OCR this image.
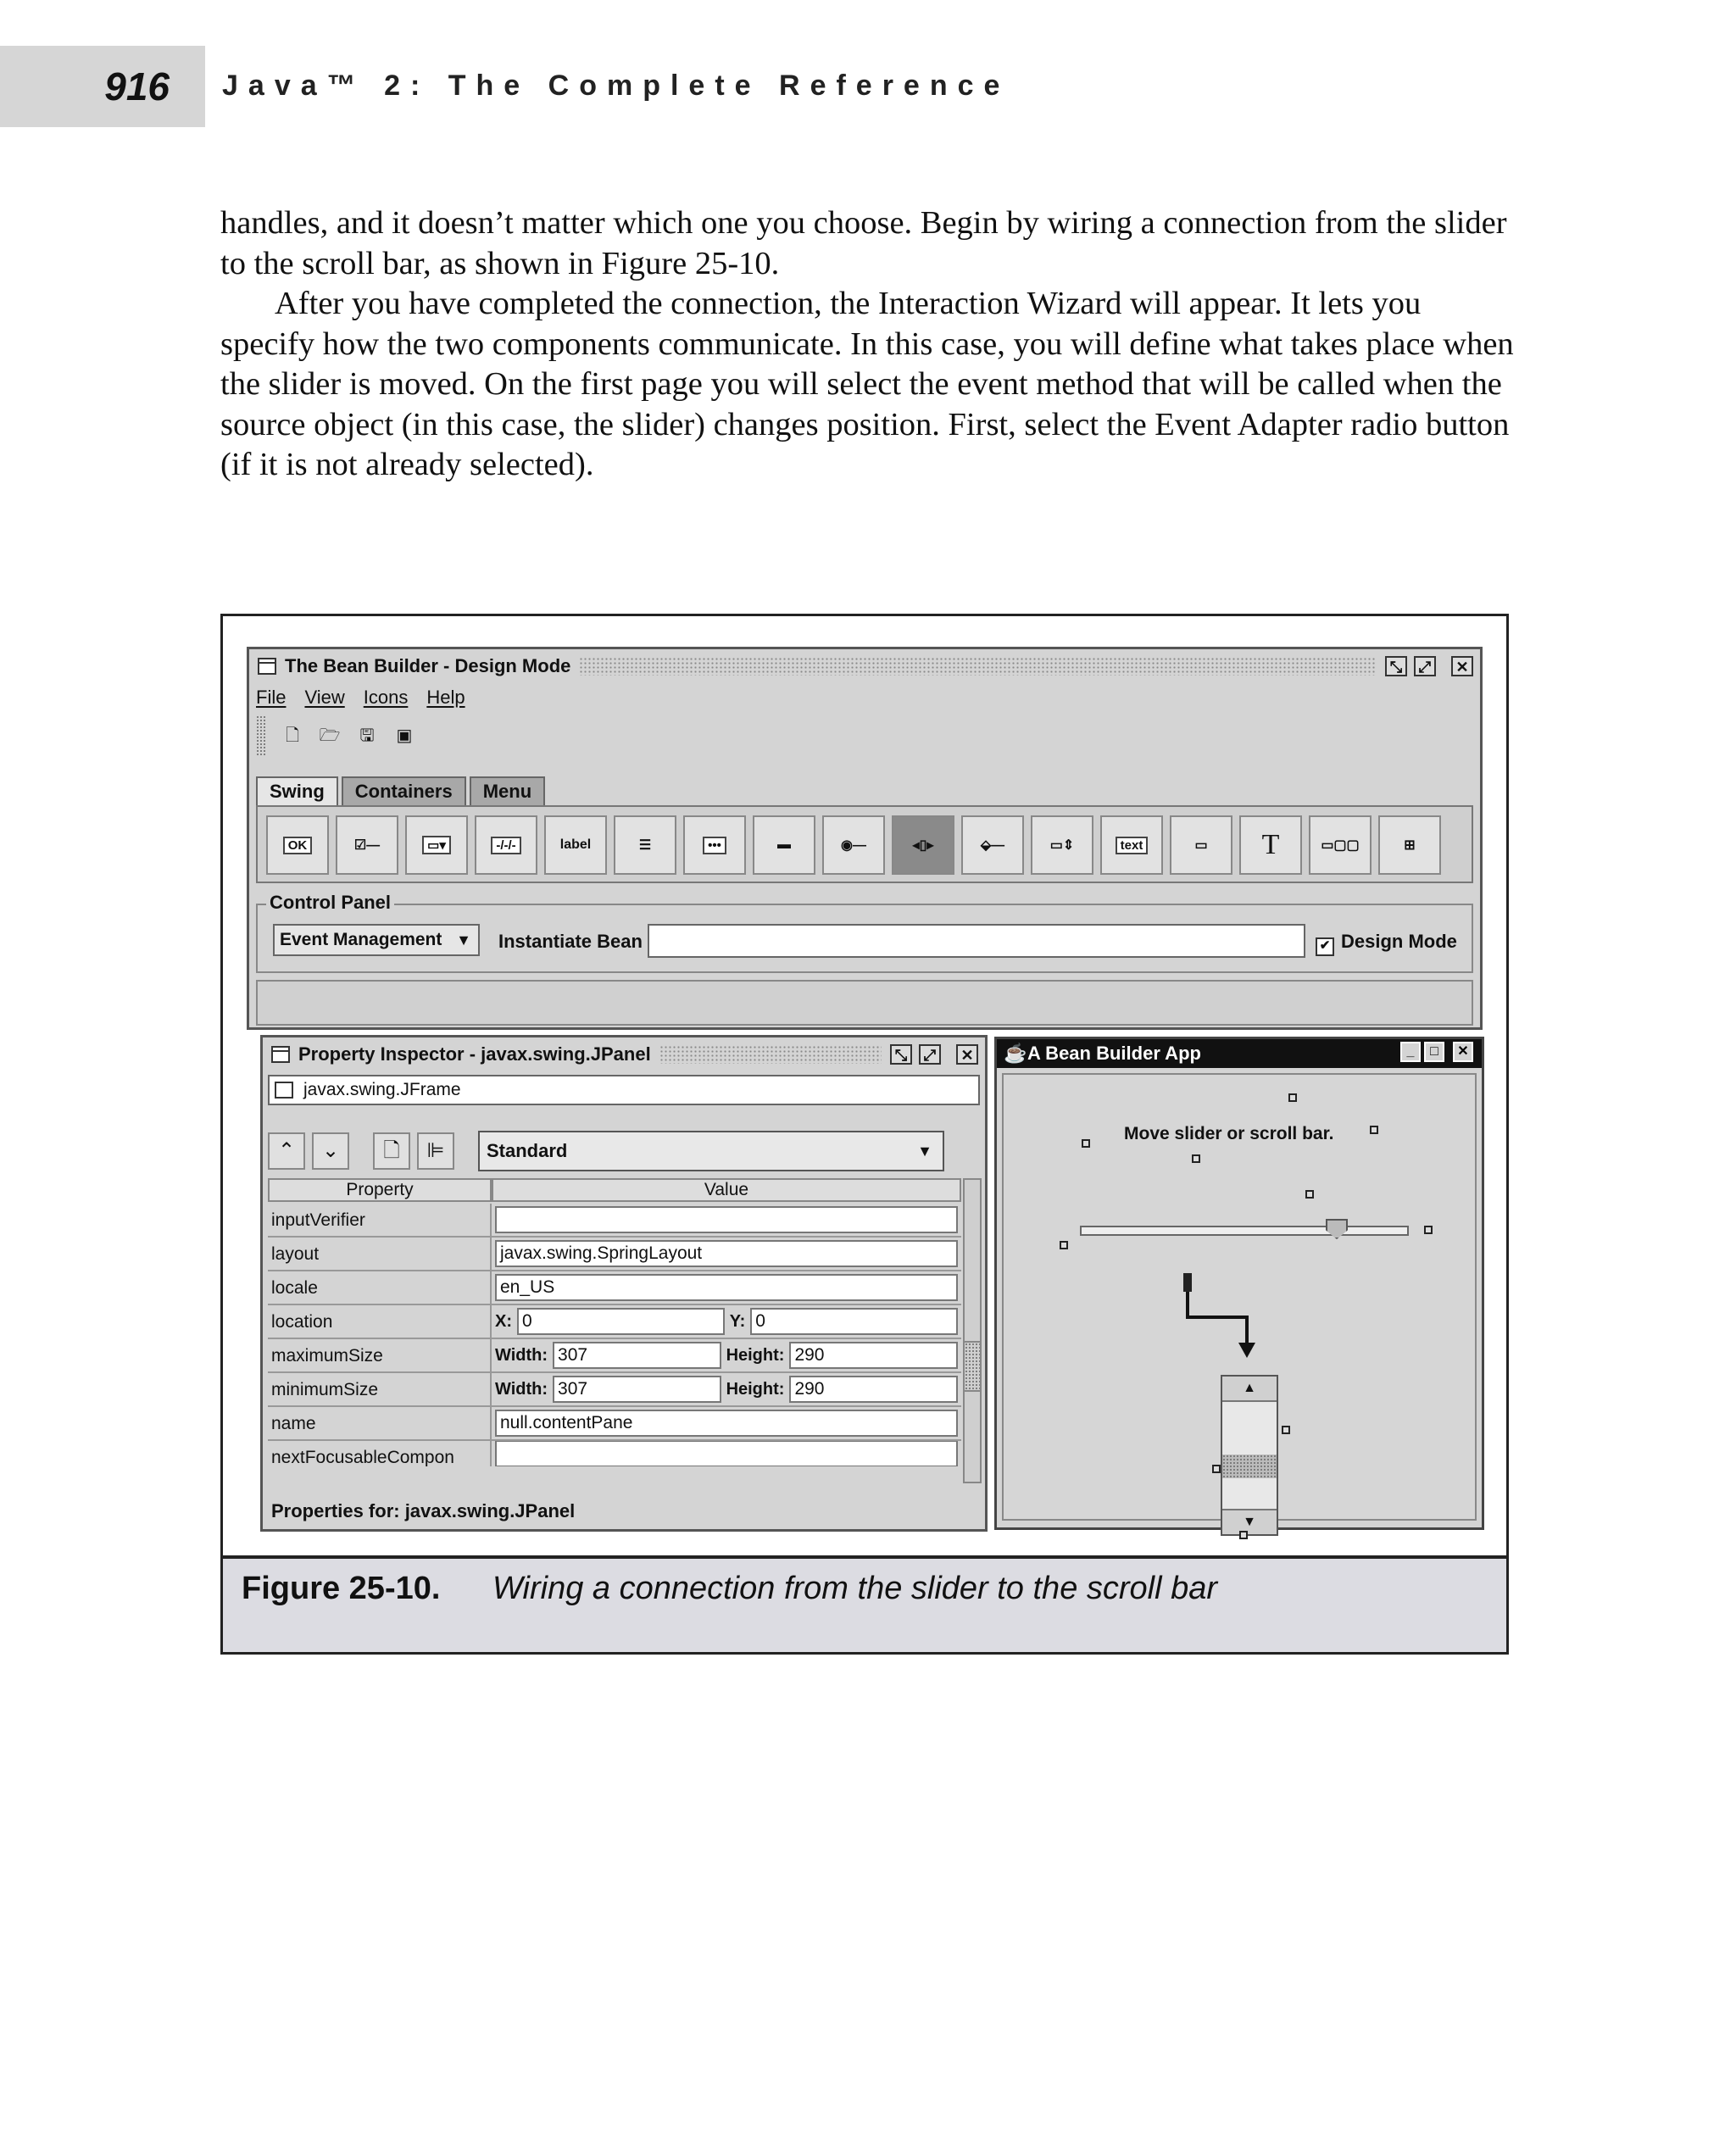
916 Java™ 2: The Complete Reference

handles, and it doesn’t matter which one you choose. Begin by wiring a connection from the slider to the scroll bar, as shown in Figure 25-10.

After you have completed the connection, the Interaction Wizard will appear. It lets you specify how the two components communicate. In this case, you will define what takes place when the slider is moved. On the first page you will select the event method that will be called when the source object (in this case, the slider) changes position. First, select the Event Adapter radio button (if it is not already selected).

The Bean Builder - Design Mode	⤡	⤢	✕
File View Icons Help
🗋 🗁 🖫 ▣
Swing	Containers	Menu
OK	☑—	▭▾	-/-/-	label	☰	•••	▬	◉—	◂▯▸	⬙—	▭⇕	text	▭	T	▭▢▢	⊞
Control Panel
Event Management ▼	Instantiate Bean	✔ Design Mode
Property Inspector - javax.swing.JPanel	⤡	⤢	✕
javax.swing.JFrame
⌃	⌄	🗋	⊫	Standard ▼
Property	Value
inputVerifier
layout	javax.swing.SpringLayout
locale	en_US
location	X: 0	Y: 0
maximumSize	Width: 307	Height: 290
minimumSize	Width: 307	Height: 290
name	null.contentPane
nextFocusableCompon
Properties for: javax.swing.JPanel
☕ A Bean Builder App	_	□	✕
Move slider or scroll bar.
▲
▼
Figure 25-10. Wiring a connection from the slider to the scroll bar
